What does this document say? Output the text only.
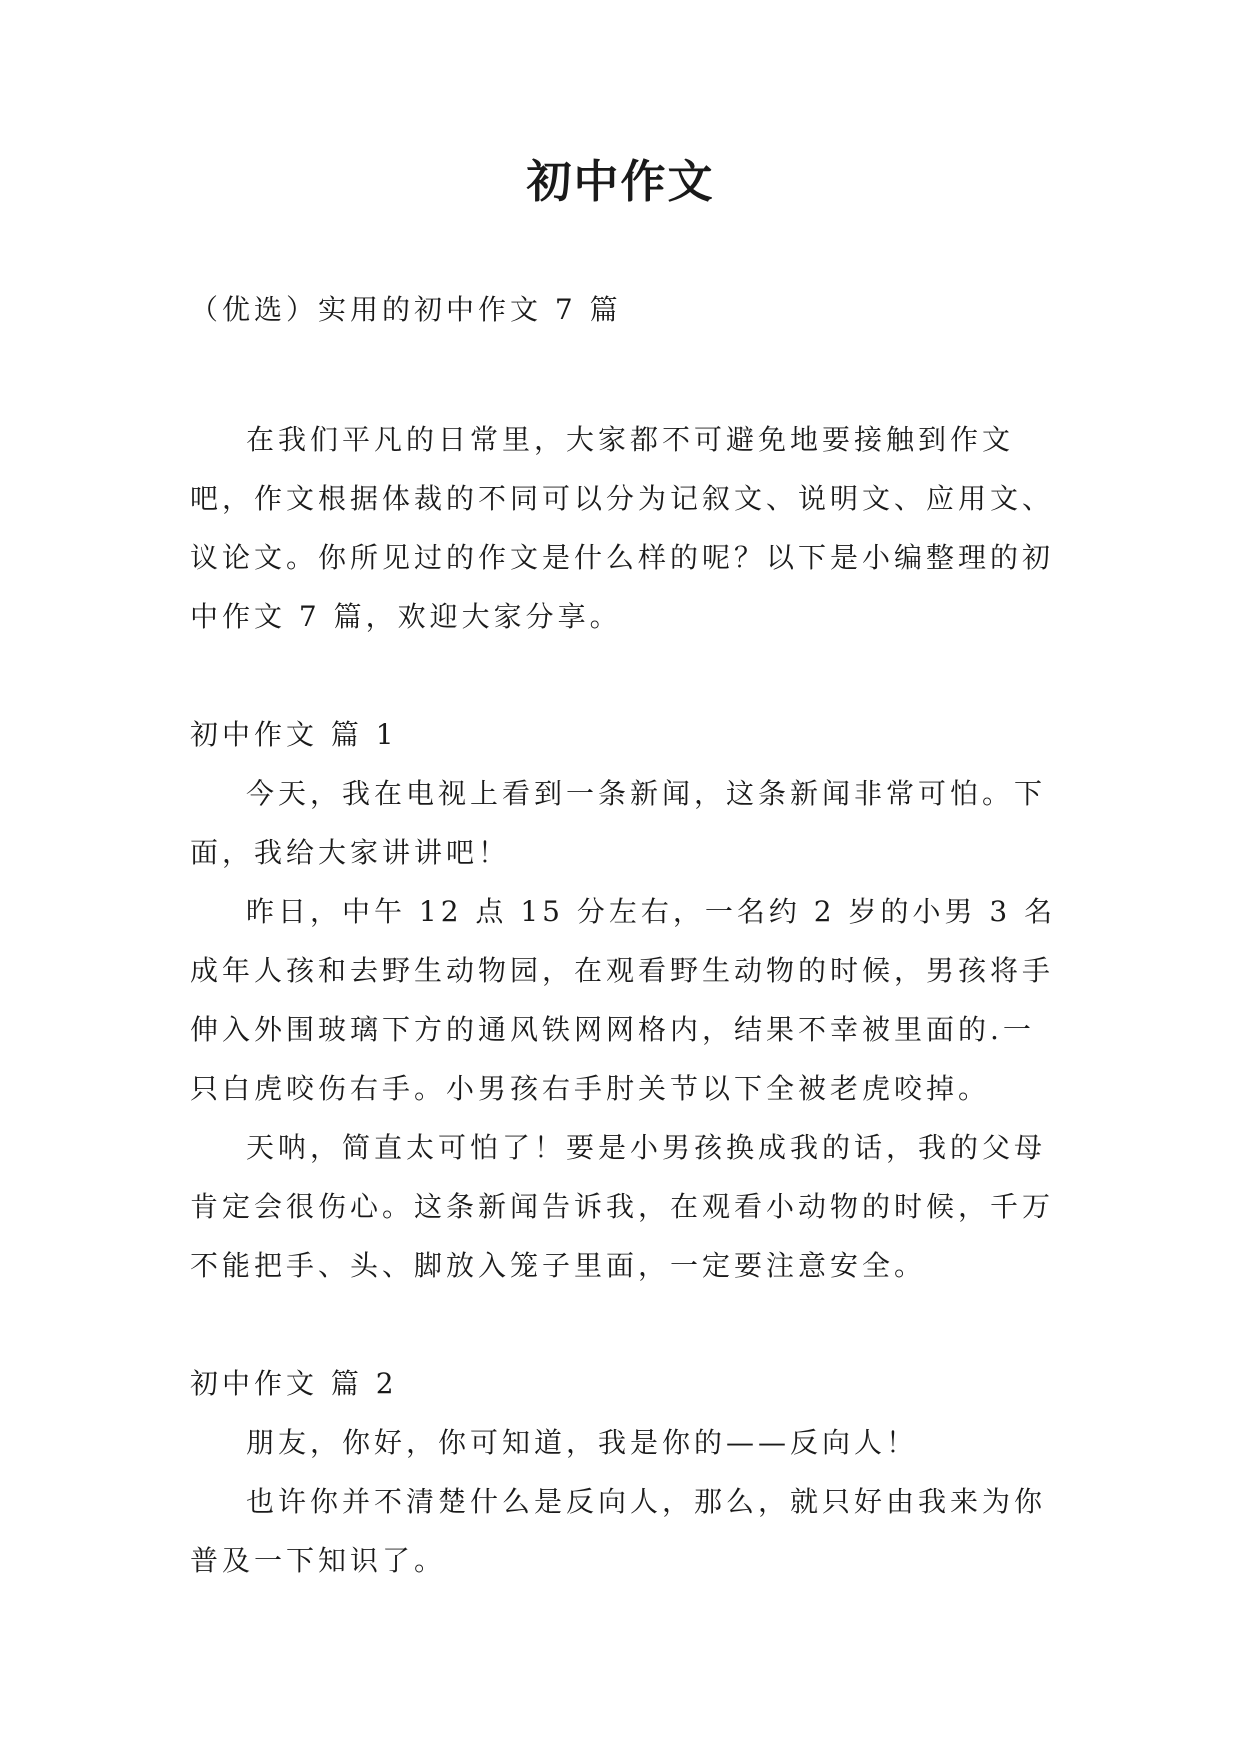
初中作文
（优选）实用的初中作文 7 篇

在我们平凡的日常里，大家都不可避免地要接触到作文吧，作文根据体裁的不同可以分为记叙文、说明文、应用文、议论文。你所见过的作文是什么样的呢？以下是小编整理的初中作文 7 篇，欢迎大家分享。

初中作文 篇 1

今天，我在电视上看到一条新闻，这条新闻非常可怕。下面，我给大家讲讲吧！

昨日，中午 12 点 15 分左右，一名约 2 岁的小男 3 名成年人孩和去野生动物园，在观看野生动物的时候，男孩将手伸入外围玻璃下方的通风铁网网格内，结果不幸被里面的.一只白虎咬伤右手。小男孩右手肘关节以下全被老虎咬掉。

天呐，简直太可怕了！要是小男孩换成我的话，我的父母肯定会很伤心。这条新闻告诉我，在观看小动物的时候，千万不能把手、头、脚放入笼子里面，一定要注意安全。

初中作文 篇 2

朋友，你好，你可知道，我是你的——反向人！

也许你并不清楚什么是反向人，那么，就只好由我来为你普及一下知识了。
